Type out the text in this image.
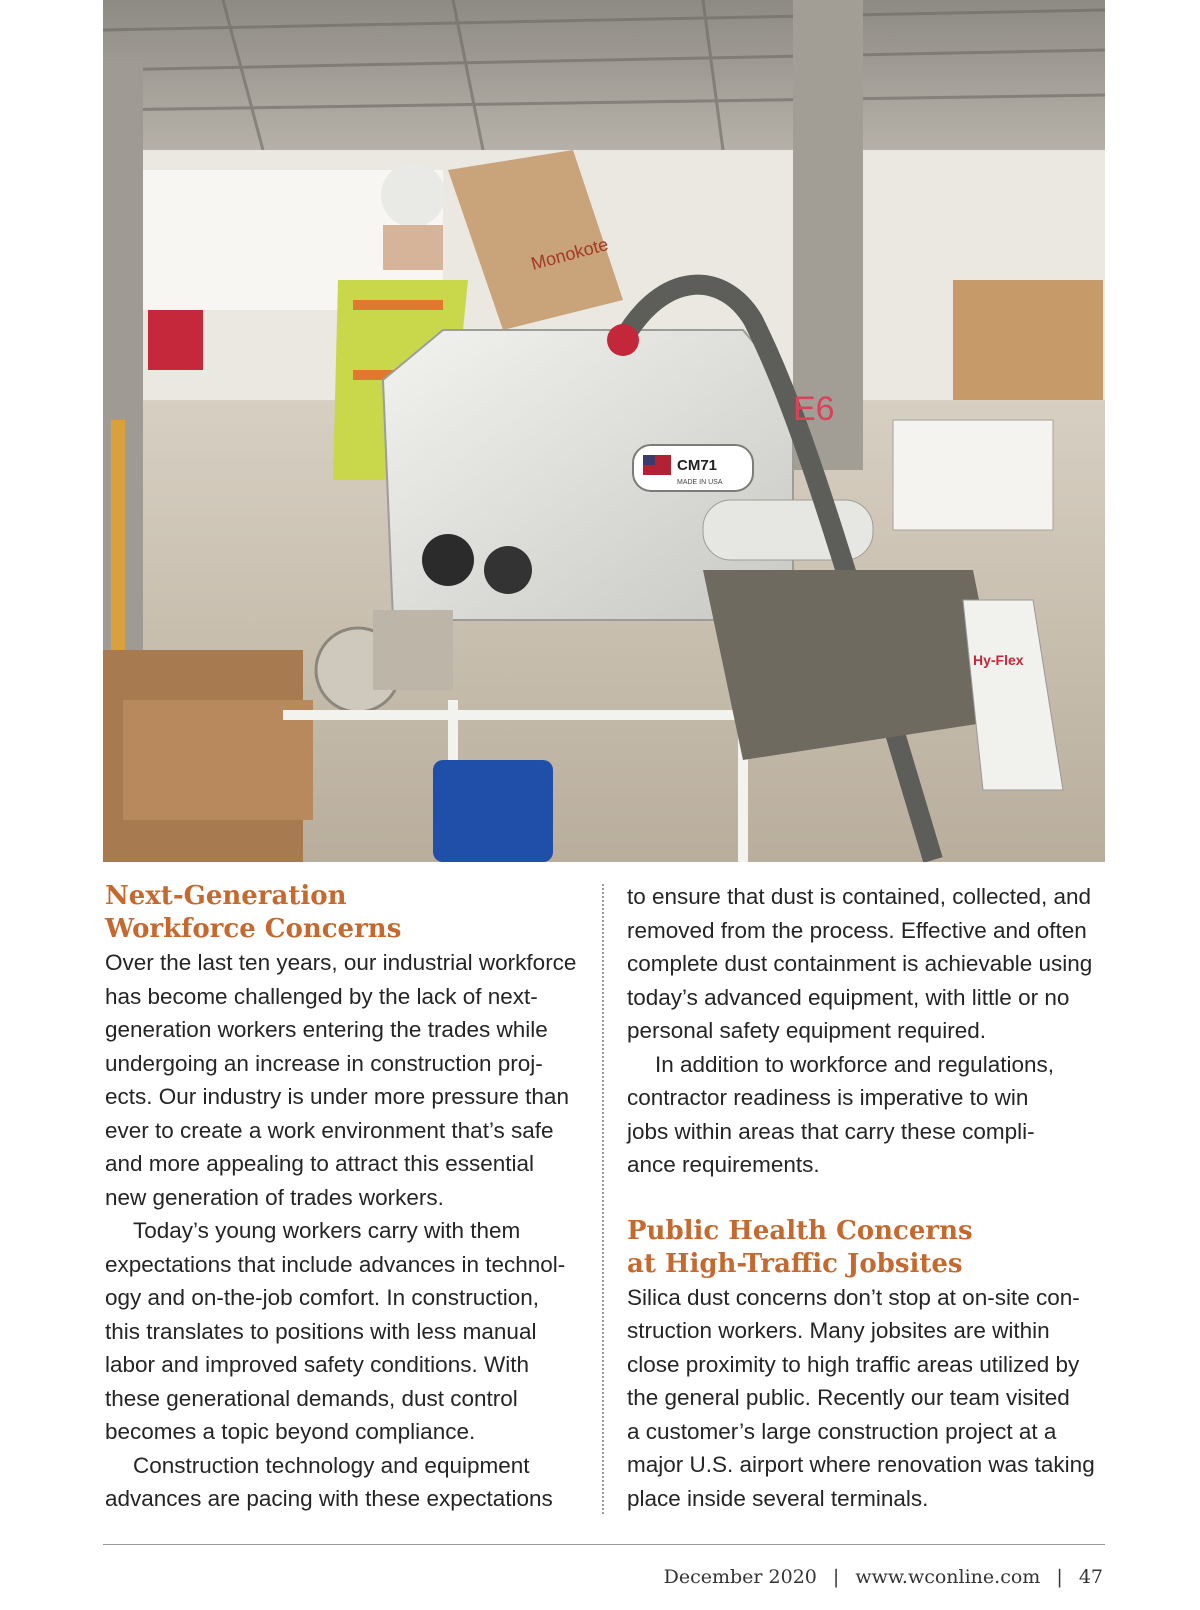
Monokote
CM71
MADE IN USA
Hy-Flex
E6
Next-Generation
Workforce Concerns
Over the last ten years, our industrial workforce
has become challenged by the lack of next-
generation workers entering the trades while
undergoing an increase in construction proj-
ects. Our industry is under more pressure than
ever to create a work environment that’s safe
and more appealing to attract this essential
new generation of trades workers.
Today’s young workers carry with them
expectations that include advances in technol-
ogy and on-the-job comfort. In construction,
this translates to positions with less manual
labor and improved safety conditions. With
these generational demands, dust control
becomes a topic beyond compliance.
Construction technology and equipment
advances are pacing with these expectations
to ensure that dust is contained, collected, and
removed from the process. Effective and often
complete dust containment is achievable using
today’s advanced equipment, with little or no
personal safety equipment required.
In addition to workforce and regulations,
contractor readiness is imperative to win
jobs within areas that carry these compli-
ance requirements.
Public Health Concerns
at High-Traffic Jobsites
Silica dust concerns don’t stop at on-site con-
struction workers. Many jobsites are within
close proximity to high traffic areas utilized by
the general public. Recently our team visited
a customer’s large construction project at a
major U.S. airport where renovation was taking
place inside several terminals.
December 2020 | www.wconline.com | 47
